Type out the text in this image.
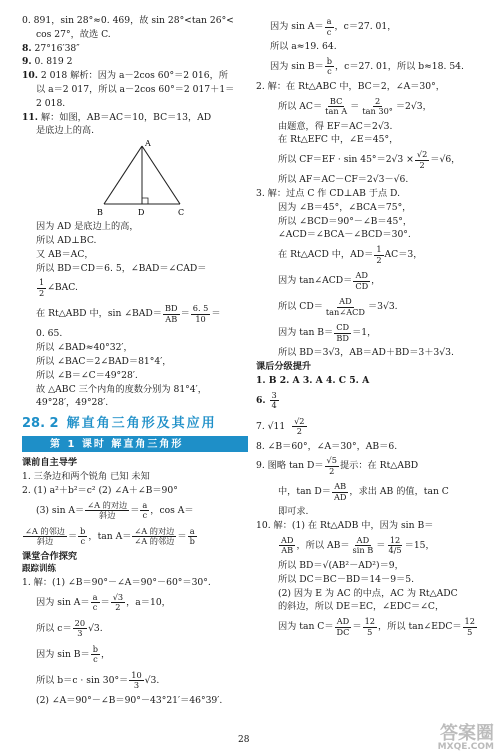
0. 891，sin 28°≈0. 469，故 sin 28°<tan 26°<
cos 27°，故选 C.
8. 27°16′38″
9. 0. 819 2
10. 2 018 解析：因为 a－2cos 60°＝2 016，所
以 a＝2 017，所以 a－2cos 60°＝2 017＋1＝
2 018.
11. 解：如图，AB＝AC＝10，BC＝13，AD
是底边上的高.
A
B	D	C
因为 AD 是底边上的高，
所以 AD⊥BC.
又 AB＝AC，
所以 BD＝CD＝6. 5，∠BAD＝∠CAD＝
$\frac{1}{2}$ ∠BAC.
在 Rt△ABD 中，sin ∠BAD＝ $\frac{BD}{AB} = \frac{6. 5}{10}$ ＝
0. 65.
所以 ∠BAD≈40°32′，
所以 ∠BAC＝2∠BAD＝81°4′，
所以 ∠B＝∠C＝49°28′.
故 △ABC 三个内角的度数分别为 81°4′，
49°28′，49°28′.
28. 2 解直角三角形及其应用
第 1 课时 解直角三角形
课前自主导学
1. 三条边和两个锐角 已知 未知
2. (1) a²＋b²＝c² (2) ∠A＋∠B＝90°
(3) $\sin A= \frac{\text{∠A 的对边}}{\text{斜边}} = \frac{a}{c}$ ，cos A＝
$\frac{\text{∠A 的邻边}}{\text{斜边}} = \frac{b}{c}$ ，$\tan A= \frac{\text{∠A 的对边}}{\text{∠A 的邻边}} = \frac{a}{b}$
课堂合作探究
跟踪训练
1. 解：(1) ∠B＝90°－∠A＝90°－60°＝30°.
因为 $\sin A= \frac{a}{c} = \frac{√3}{2}$ ，a＝10，
所以 $c= \frac{20}{3} √3$.
因为 $\sin B= \frac{b}{c}$ ，
所以 $b=c \cdot \sin 30^\circ= \frac{10}{3} √3$.
(2) ∠A＝90°－∠B＝90°－43°21′＝46°39′.
因为 $\sin A= \frac{a}{c}$ ，c＝27. 01，
所以 a≈19. 64.
因为 $\sin B= \frac{b}{c}$ ，c＝27. 01，所以 b≈18. 54.
2. 解：在 Rt△ABC 中，BC＝2，∠A＝30°，
所以 $AC= \frac{BC}{\text{tan A}} = \frac{2}{\tan 30^\circ} =2√3$，
由题意，得 EF＝AC＝2√3.
在 Rt△EFC 中，∠E＝45°，
所以 $CF=EF \cdot \sin 45^\circ=2√3 \times \frac{√2}{2} =√6$，
所以 AF＝AC－CF＝2√3－√6.
3. 解：过点 C 作 CD⊥AB 于点 D.
因为 ∠B＝45°，∠BCA＝75°，
所以 ∠BCD＝90°－∠B＝45°，
∠ACD＝∠BCA－∠BCD＝30°.
在 Rt△ACD 中，$AD= \frac{1}{2} AC=3$，
因为 tan∠ACD＝ $\frac{AD}{CD}$ ，
所以 $CD= \frac{AD}{\text{tan∠ACD}} =3√3$.
因为 $\tan B= \frac{CD}{BD} =1$，
所以 BD＝3√3，AB＝AD＋BD＝3＋3√3.
课后分级提升
1. B 2. A 3. A 4. C 5. A
6.
$\frac{3}{4}$
7. √11
$\frac{√2}{2}$
8. ∠B＝60°，∠A＝30°，AB＝6.
9. 图略 $\tan D= \frac{√5}{2}$ 提示：在 Rt△ABD
中，$\tan D= \frac{AB}{AD}$ ，求出 AB 的值，tan C
即可求.
10. 解：(1) 在 Rt△ADB 中，因为 sin B＝
$\frac{AD}{AB}$ ，所以 $AB= \frac{AD}{\text{sin B}} = \frac{12}{4/5} =15$，
所以 BD＝√(AB²－AD²)＝9，
所以 DC＝BC－BD＝14－9＝5.
(2) 因为 E 为 AC 的中点，AC 为 Rt△ADC
的斜边，所以 DE＝EC，∠EDC＝∠C，
因为 $\tan C= \frac{AD}{DC} = \frac{12}{5}$ ，所以 tan∠EDC＝ $\frac{12}{5}$
28	答案圈
MXQE.COM
